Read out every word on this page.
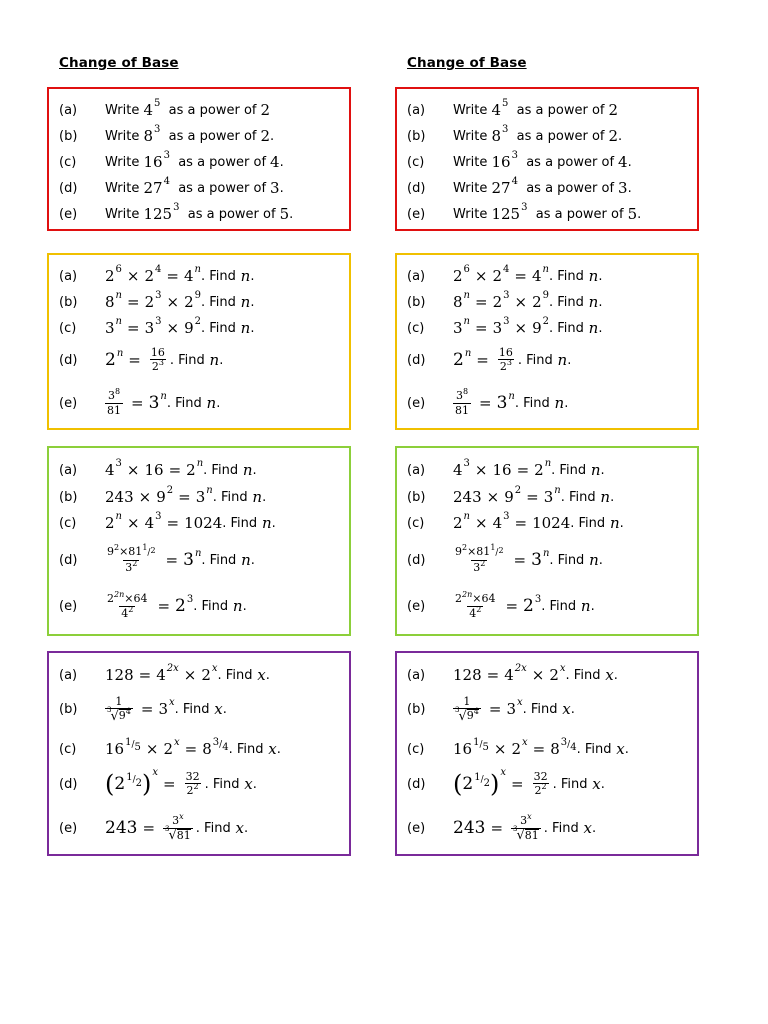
Change of Base
(a) Write 4 5 as a power of 2
(b) Write 8 3 as a power of 2 .
(c) Write 16 3 as a power of 4 .
(d) Write 27 4 as a power of 3 .
(e) Write 125 3 as a power of 5 .
(a) 2 6 × 2 4 = 4 n . Find n .
(b) 8 n = 2 3 × 2 9 . Find n .
(c) 3 n = 3 3 × 9 2 . Find n .
(d) 2 $n = \frac{16}{2^3}$ . Find n .
(e)	$\frac{3^8}{81} = 3$ n . Find n .
(a) 4 3 × 16 = 2 n . Find n .
(b) 243 × 9 2 = 3 n . Find n .
(c) 2 n × 4 3 = 1024 . Find n .
(d)	$\frac{9^2\times 81^1/2}{3^2} = 3$ n . Find n .
(e)	$\frac{2^{2n}\times 64}{4^2} = 2$ 3 . Find n .
(a) 128 = 4 2x × 2 x . Find x .
(b)	$\frac{1}{3 √ 9^4} = 3$ x . Find x .
(c) 16 1 / 5 × 2 x = 8 3 / 4 . Find x .
(d) ( 2 1 / 2 ) x
= $\frac{32}{2^2}$ . Find x .
(e) $243 = \frac{3^x}{3 √ 81}$ . Find x .
Change of Base
(a) Write 4 5 as a power of 2
(b) Write 8 3 as a power of 2 .
(c) Write 16 3 as a power of 4 .
(d) Write 27 4 as a power of 3 .
(e) Write 125 3 as a power of 5 .
(a) 2 6 × 2 4 = 4 n . Find n .
(b) 8 n = 2 3 × 2 9 . Find n .
(c) 3 n = 3 3 × 9 2 . Find n .
(d) 2 $n = \frac{16}{2^3}$ . Find n .
(e)	$\frac{3^8}{81} = 3$ n . Find n .
(a) 4 3 × 16 = 2 n . Find n .
(b) 243 × 9 2 = 3 n . Find n .
(c) 2 n × 4 3 = 1024 . Find n .
(d)	$\frac{9^2\times 81^1/2}{3^2} = 3$ n . Find n .
(e)	$\frac{2^{2n}\times 64}{4^2} = 2$ 3 . Find n .
(a) 128 = 4 2x × 2 x . Find x .
(b)	$\frac{1}{3 √ 9^4} = 3$ x . Find x .
(c) 16 1 / 5 × 2 x = 8 3 / 4 . Find x .
(d) ( 2 1 / 2 ) x
= $\frac{32}{2^2}$ . Find x .
(e) $243 = \frac{3^x}{3 √ 81}$ . Find x .
